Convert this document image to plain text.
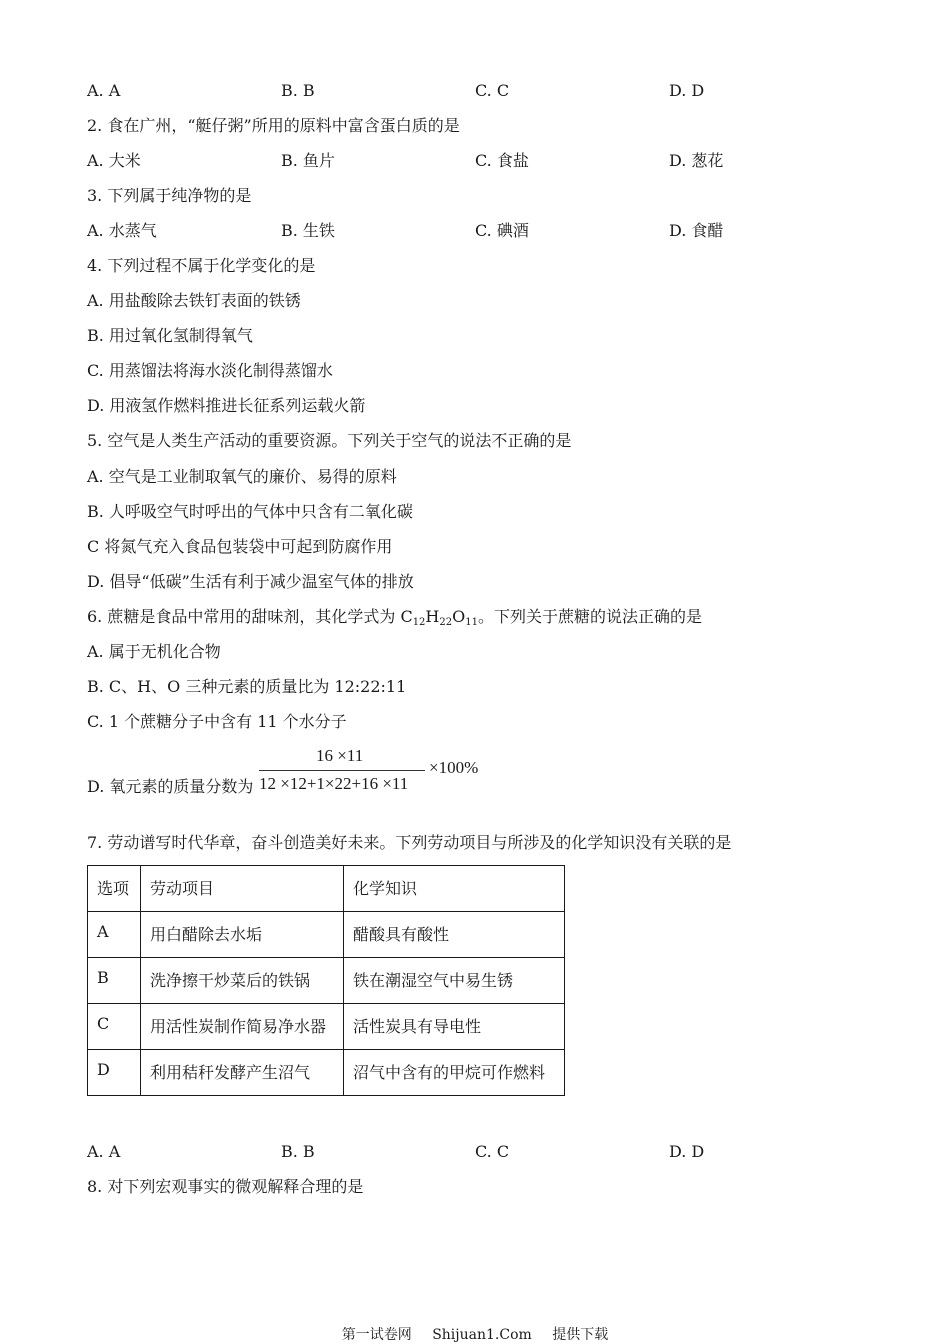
A. A	B. B	C. C	D. D
2. 食在广州，“艇仔粥”所用的原料中富含蛋白质的是
A. 大米	B. 鱼片	C. 食盐	D. 葱花
3. 下列属于纯净物的是
A. 水蒸气	B. 生铁	C. 碘酒	D. 食醋
4. 下列过程不属于化学变化的是
A. 用盐酸除去铁钉表面的铁锈
B. 用过氧化氢制得氧气
C. 用蒸馏法将海水淡化制得蒸馏水
D. 用液氢作燃料推进长征系列运载火箭
5. 空气是人类生产活动的重要资源。下列关于空气的说法不正确的是
A. 空气是工业制取氧气的廉价、易得的原料
B. 人呼吸空气时呼出的气体中只含有二氧化碳
C 将氮气充入食品包装袋中可起到防腐作用
D. 倡导“低碳”生活有利于减少温室气体的排放
6. 蔗糖是食品中常用的甜味剂，其化学式为 $C_{12}H_{22}O_{11}$。下列关于蔗糖的说法正确的是
A. 属于无机化合物
B. C、H、O 三种元素的质量比为 12:22:11
C. 1 个蔗糖分子中含有 11 个水分子
D. 氧元素的质量分数为
16 ×11
12 ×12+1×22+16 ×11
×100%
7. 劳动谱写时代华章，奋斗创造美好未来。下列劳动项目与所涉及的化学知识没有关联的是
选项	劳动项目	化学知识
A	用白醋除去水垢	醋酸具有酸性
B	洗净擦干炒菜后的铁锅	铁在潮湿空气中易生锈
C	用活性炭制作简易净水器	活性炭具有导电性
D	利用秸秆发酵产生沼气	沼气中含有的甲烷可作燃料
A. A	B. B	C. C	D. D
8. 对下列宏观事实的微观解释合理的是
第一试卷网 Shijuan1.Com 提供下载
